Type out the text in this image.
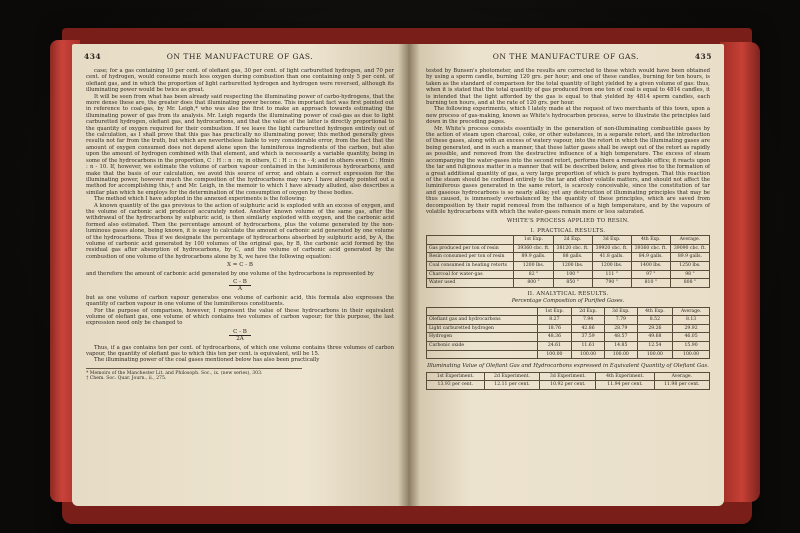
434	ON THE MANUFACTURE OF GAS.

case; for a gas containing 10 per cent. of olefiant gas, 30 per cent. of light carburetted hydrogen, and 70 per cent. of hydrogen, would consume much less oxygen during combustion than one containing only 5 per cent. of olefiant gas, and in which the proportion of light carburetted hydrogen and hydrogen were reversed, although its illuminating power would be twice as great.

It will be seen from what has been already said respecting the illuminating power of carbo-hydrogens, that the more dense these are, the greater does that illuminating power become. This important fact was first pointed out in reference to coal-gas, by Mr. Leigh,* who was also the first to make an approach towards estimating the illuminating power of gas from its analysis. Mr. Leigh regards the illuminating power of coal-gas as due to light carburetted hydrogen, olefiant gas, and hydrocarbons, and that the value of the latter is directly proportional to the quantity of oxygen required for their combustion. If we leave the light carburetted hydrogen entirely out of the calculation, as I shall prove that this gas has practically no illuminating power, this method generally gives results not far from the truth, but which are nevertheless liable to very considerable error, from the fact that the amount of oxygen consumed does not depend alone upon the luminiferous ingredients of the carbon, but also upon the amount of hydrogen combined with that element, and which is necessarily a variable quantity, being in some of the hydrocarbons in the proportion, C : H :: n : m; in others, C : H :: n : n - 4; and in others even C : Hmin : n - 10. If, however, we estimate the volume of carbon vapour contained in the luminiferous hydrocarbons, and make that the basis of our calculation, we avoid this source of error, and obtain a correct expression for the illuminating power, however much the composition of the hydrocarbons may vary. I have already pointed out a method for accomplishing this,† and Mr. Leigh, in the memoir to which I have already alluded, also describes a similar plan which he employs for the determination of the consumption of oxygen by these bodies.

The method which I have adopted in the annexed experiments is the following:

A known quantity of the gas previous to the action of sulphuric acid is exploded with an excess of oxygen, and the volume of carbonic acid produced accurately noted. Another known volume of the same gas, after the withdrawal of the hydrocarbons by sulphuric acid, is then similarly exploded with oxygen, and the carbonic acid formed also estimated. Then the percentage amount of hydrocarbons, plus the volume generated by the non-luminous gases alone, being known, it is easy to calculate the amount of carbonic acid generated by one volume of the hydrocarbons. Thus if we designate the percentage of hydrocarbons absorbed by sulphuric acid, by A, the volume of carbonic acid generated by 100 volumes of the original gas, by B, the carbonic acid formed by the residual gas after absorption of hydrocarbons, by C, and the volume of carbonic acid generated by the combustion of one volume of the hydrocarbons alone by X, we have the following equation:

X = C - B

and therefore the amount of carbonic acid generated by one volume of the hydrocarbons is represented by

$\frac{C - B}{A}$

but as one volume of carbon vapour generates one volume of carbonic acid, this formula also expresses the quantity of carbon vapour in one volume of the luminiferous constituents.

For the purpose of comparison, however, I represent the value of these hydrocarbons in their equivalent volume of olefiant gas, one volume of which contains two volumes of carbon vapour; for this purpose, the last expression need only be changed to

$\frac{C - B}{2A}$

Thus, if a gas contains ten per cent. of hydrocarbons, of which one volume contains three volumes of carbon vapour, the quantity of olefiant gas to which this ten per cent. is equivalent, will be 15.

The illuminating power of the coal gases mentioned below has also been practically

* Memoirs of the Manchester Lit. and Philosoph. Soc., ix. (new series), 303.
† Chem. Soc. Quar. Journ., ii., 275.
ON THE MANUFACTURE OF GAS.	435

tested by Bunsen's photometer, and the results are corrected to those which would have been obtained by using a sperm candle, burning 120 grs. per hour; and one of these candles, burning for ten hours, is taken as the standard of comparison for the total quantity of light yielded by a given volume of gas: thus, when it is stated that the total quantity of gas produced from one ton of coal is equal to 4814 candles, it is intended that the light afforded by the gas is equal to that yielded by 4814 sperm candles, each burning ten hours, and at the rate of 120 grs. per hour.

The following experiments, which I lately made at the request of two merchants of this town, upon a new process of gas-making, known as White's hydrocarbon process, serve to illustrate the principles laid down in the preceding pages.

Mr. White's process consists essentially in the generation of non-illuminating combustible gases by the action of steam upon charcoal, coke, or other substances, in a separate retort, and the introduction of these gases, along with an excess of watery vapour, into the retort in which the illuminating gases are being generated, and in such a manner, that these latter gases shall be swept out of the retort as rapidly as possible, and removed from the destructive influence of a high temperature. The excess of steam accompanying the water-gases into the second retort, performs there a remarkable office; it reacts upon the tar and fuliginous matter in a manner that will be described below, and gives rise to the formation of a great additional quantity of gas, a very large proportion of which is pure hydrogen. That this reaction of the steam should be confined entirely to the tar and other volatile matters, and should not affect the luminiferous gases generated in the same retort, is scarcely conceivable, since the constitution of tar and gaseous hydrocarbons is so nearly alike; yet any destruction of illuminating principles that may be thus caused, is immensely overbalanced by the quantity of these principles, which are saved from decomposition by their rapid removal from the influence of a high temperature, and by the vapours of volatile hydrocarbons with which the water-gases remain more or less saturated.

WHITE'S PROCESS APPLIED TO RESIN.
I. PRACTICAL RESULTS.
	1st Exp.	2d Exp.	3d Exp.	4th Exp.	Average.
Gas produced per ton of resin	39360 cbc. ft.	38120 cbc. ft.	39920 cbc. ft.	39360 cbc. ft.	39090 cbc. ft.
Resin consumed per ton of resin	89.9 galls.	88 galls.	41.8 galls.	84.9 galls.	89.9 galls.
Coal consumed in heating retorts	1200 lbs.	1200 lbs.	1200 lbs.	1400 lbs.	1250 lbs.
Charcoal for water-gas	82 "	100 "	111 "	97 "	98 "
Water used	800 "	850 "	790 "	810 "	808 "
II. ANALYTICAL RESULTS.
Percentage Composition of Purified Gases.
	1st Exp.	2d Exp.	3d Exp.	4th Exp.	Average.
Olefiant gas and hydrocarbons	8.27	7.94	7.79	8.52	8.13
Light carburetted hydrogen	18.76	42.86	28.79	29.26	29.92
Hydrogen	48.36	37.59	48.57	49.68	46.05
Carbonic oxide	24.61	11.61	14.85	12.54	15.90
	100.00	100.00	100.00	100.00	100.00
Illuminating Value of Olefiant Gas and Hydrocarbons expressed in Equivalent Quantity of Olefiant Gas.
1st Experiment.	2d Experiment.	3d Experiment.	4th Experiment.	Average.
13.93 per cent.	12.11 per cent.	10.92 per cent.	11.94 per cent.	11.98 per cent.
